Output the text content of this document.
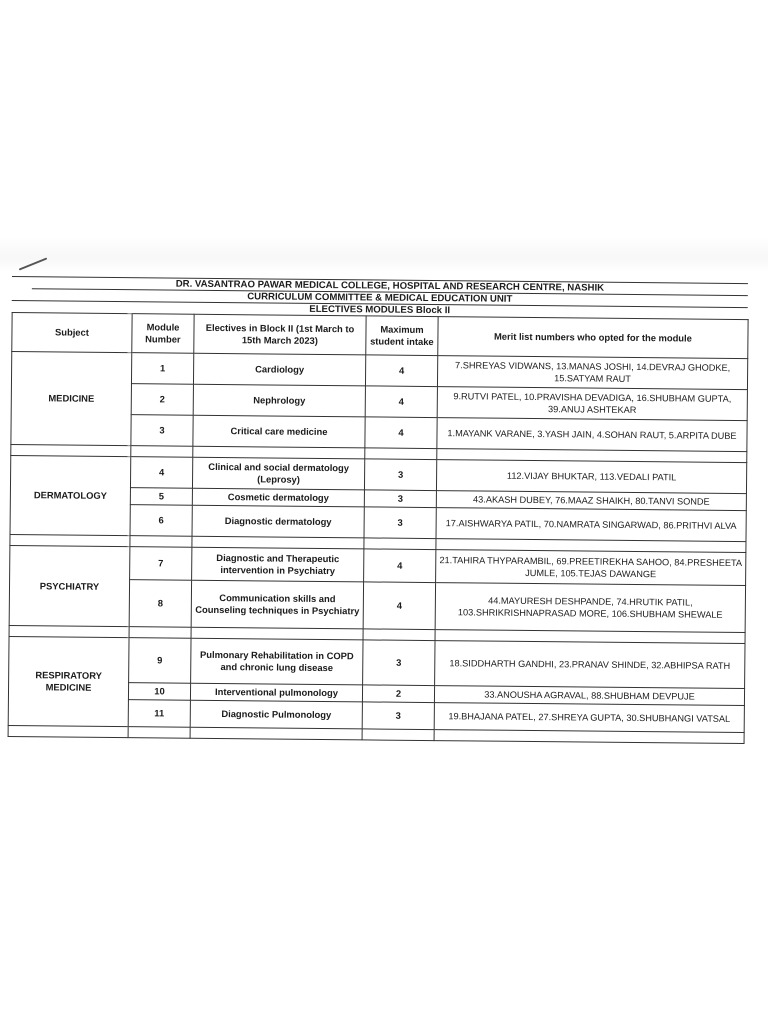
DR. VASANTRAO PAWAR MEDICAL COLLEGE, HOSPITAL AND RESEARCH CENTRE, NASHIK
CURRICULUM COMMITTEE & MEDICAL EDUCATION UNIT
ELECTIVES MODULES Block II
Subject	Module Number	Electives in Block II (1st March to 15th March 2023)	Maximum student intake	Merit list numbers who opted for the module
MEDICINE	1	Cardiology	4	7.SHREYAS VIDWANS, 13.MANAS JOSHI, 14.DEVRAJ GHODKE, 15.SATYAM RAUT
	2	Nephrology	4	9.RUTVI PATEL, 10.PRAVISHA DEVADIGA, 16.SHUBHAM GUPTA, 39.ANUJ ASHTEKAR
	3	Critical care medicine	4	1.MAYANK VARANE, 3.YASH JAIN, 4.SOHAN RAUT, 5.ARPITA DUBE

DERMATOLOGY	4	Clinical and social dermatology (Leprosy)	3	112.VIJAY BHUKTAR, 113.VEDALI PATIL
	5	Cosmetic dermatology	3	43.AKASH DUBEY, 76.MAAZ SHAIKH, 80.TANVI SONDE
	6	Diagnostic dermatology	3	17.AISHWARYA PATIL, 70.NAMRATA SINGARWAD, 86.PRITHVI ALVA

PSYCHIATRY	7	Diagnostic and Therapeutic intervention in Psychiatry	4	21.TAHIRA THYPARAMBIL, 69.PREETIREKHA SAHOO, 84.PRESHEETA JUMLE, 105.TEJAS DAWANGE
	8	Communication skills and Counseling techniques in Psychiatry	4	44.MAYURESH DESHPANDE, 74.HRUTIK PATIL, 103.SHRIKRISHNAPRASAD MORE, 106.SHUBHAM SHEWALE

RESPIRATORY MEDICINE	9	Pulmonary Rehabilitation in COPD and chronic lung disease	3	18.SIDDHARTH GANDHI, 23.PRANAV SHINDE, 32.ABHIPSA RATH
	10	Interventional pulmonology	2	33.ANOUSHA AGRAVAL, 88.SHUBHAM DEVPUJE
	11	Diagnostic Pulmonology	3	19.BHAJANA PATEL, 27.SHREYA GUPTA, 30.SHUBHANGI VATSAL
